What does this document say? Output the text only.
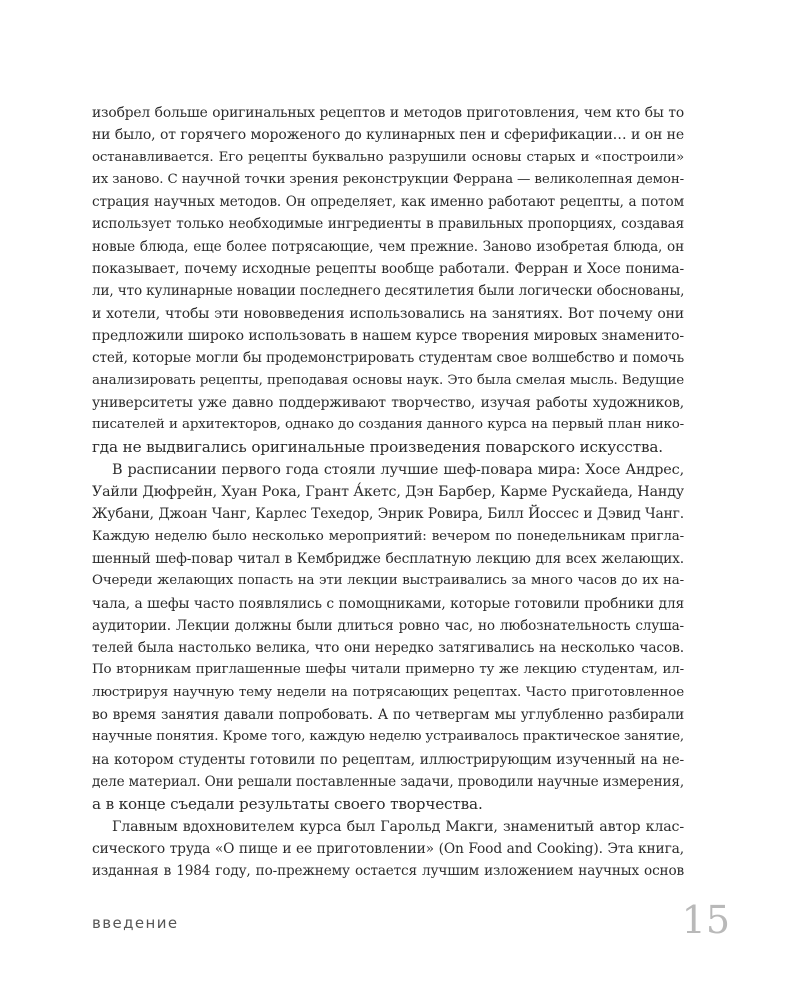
изобрел больше оригинальных рецептов и методов приготовления, чем кто бы то
ни было, от горячего мороженого до кулинарных пен и сферификации… и он не
останавливается. Его рецепты буквально разрушили основы старых и «построили»
их заново. С научной точки зрения реконструкции Феррана — великолепная демон-
страция научных методов. Он определяет, как именно работают рецепты, а потом
использует только необходимые ингредиенты в правильных пропорциях, создавая
новые блюда, еще более потрясающие, чем прежние. Заново изобретая блюда, он
показывает, почему исходные рецепты вообще работали. Ферран и Хосе понима-
ли, что кулинарные новации последнего десятилетия были логически обоснованы,
и хотели, чтобы эти нововведения использовались на занятиях. Вот почему они
предложили широко использовать в нашем курсе творения мировых знаменито-
стей, которые могли бы продемонстрировать студентам свое волшебство и помочь
анализировать рецепты, преподавая основы наук. Это была смелая мысль. Ведущие
университеты уже давно поддерживают творчество, изучая работы художников,
писателей и архитекторов, однако до создания данного курса на первый план нико-
гда не выдвигались оригинальные произведения поварского искусства.
В расписании первого года стояли лучшие шеф-повара мира: Хосе Андрес,
Уайли Дюфрейн, Хуан Рока, Грант А́кетс, Дэн Барбер, Карме Рускайеда, Нанду
Жубани, Джоан Чанг, Карлес Техедор, Энрик Ровира, Билл Йоссес и Дэвид Чанг.
Каждую неделю было несколько мероприятий: вечером по понедельникам пригла-
шенный шеф-повар читал в Кембридже бесплатную лекцию для всех желающих.
Очереди желающих попасть на эти лекции выстраивались за много часов до их на-
чала, а шефы часто появлялись с помощниками, которые готовили пробники для
аудитории. Лекции должны были длиться ровно час, но любознательность слуша-
телей была настолько велика, что они нередко затягивались на несколько часов.
По вторникам приглашенные шефы читали примерно ту же лекцию студентам, ил-
люстрируя научную тему недели на потрясающих рецептах. Часто приготовленное
во время занятия давали попробовать. А по четвергам мы углубленно разбирали
научные понятия. Кроме того, каждую неделю устраивалось практическое занятие,
на котором студенты готовили по рецептам, иллюстрирующим изученный на не-
деле материал. Они решали поставленные задачи, проводили научные измерения,
а в конце съедали результаты своего творчества.
Главным вдохновителем курса был Гарольд Макги, знаменитый автор клас-
сического труда «О пище и ее приготовлении» (On Food and Cooking). Эта книга,
изданная в 1984 году, по-прежнему остается лучшим изложением научных основ
введение	15
